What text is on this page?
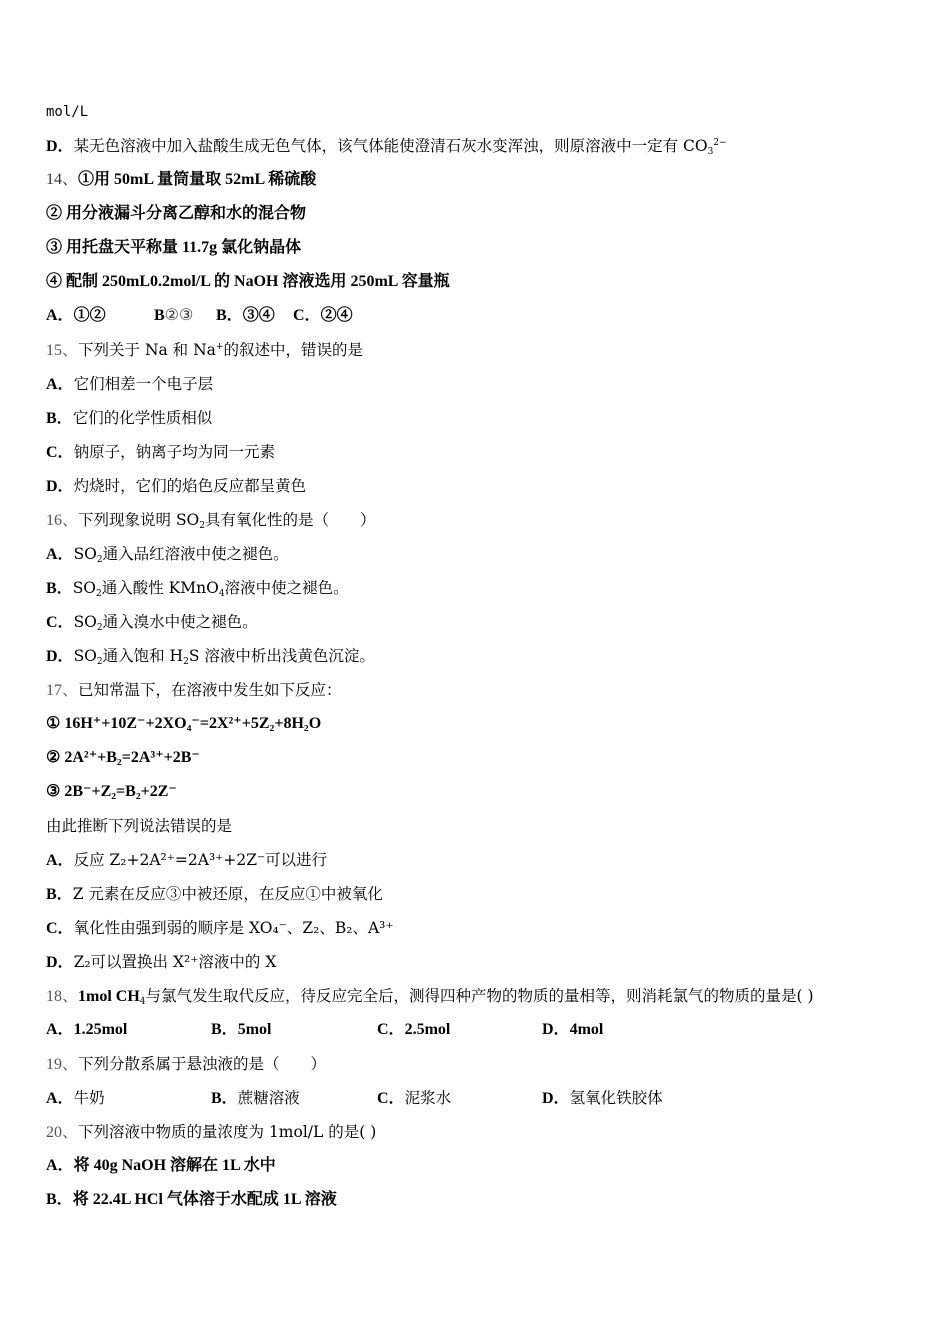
mol/L
D．某无色溶液中加入盐酸生成无色气体，该气体能使澄清石灰水变浑浊，则原溶液中一定有 $CO_3^{2-}$
14、①用 50mL 量筒量取 52mL 稀硫酸
② 用分液漏斗分离乙醇和水的混合物
③ 用托盘天平称量 11.7g 氯化钠晶体
④ 配制 250mL0.2mol/L 的 NaOH 溶液选用 250mL 容量瓶
A．①②	B②③ B．③④ C．②④
15、下列关于 Na 和 Na+的叙述中，错误的是
A．它们相差一个电子层
B．它们的化学性质相似
C．钠原子，钠离子均为同一元素
D．灼烧时，它们的焰色反应都呈黄色
16、下列现象说明 $SO_2$具有氧化性的是（　　）
A．$SO_2$通入品红溶液中使之褪色。
B．$SO_2$通入酸性 KMnO$_4$溶液中使之褪色。
C．$SO_2$通入溴水中使之褪色。
D．$SO_2$通入饱和 $H_2S$ 溶液中析出浅黄色沉淀。
17、已知常温下，在溶液中发生如下反应：
① 16H⁺+10Z⁻+2XO₄⁻=2X²⁺+5Z₂+8H₂O
② 2A²⁺+B₂=2A³⁺+2B⁻
③ 2B⁻+Z₂=B₂+2Z⁻
由此推断下列说法错误的是
A．反应 Z₂+2A²⁺=2A³⁺+2Z⁻可以进行
B．Z 元素在反应③中被还原，在反应①中被氧化
C．氧化性由强到弱的顺序是 XO₄⁻、Z₂、B₂、A³⁺
D．Z₂可以置换出 X²⁺溶液中的 X
18、1mol $CH_4$与氯气发生取代反应，待反应完全后，测得四种产物的物质的量相等，则消耗氯气的物质的量是( )
A．1.25mol	B．5mol	C．2.5mol	D．4mol
19、下列分散系属于悬浊液的是（　　）
A．牛奶	B．蔗糖溶液	C．泥浆水	D．氢氧化铁胶体
20、下列溶液中物质的量浓度为 1mol/L 的是( )
A．将 40g NaOH 溶解在 1L 水中
B．将 22.4L HCl 气体溶于水配成 1L 溶液
